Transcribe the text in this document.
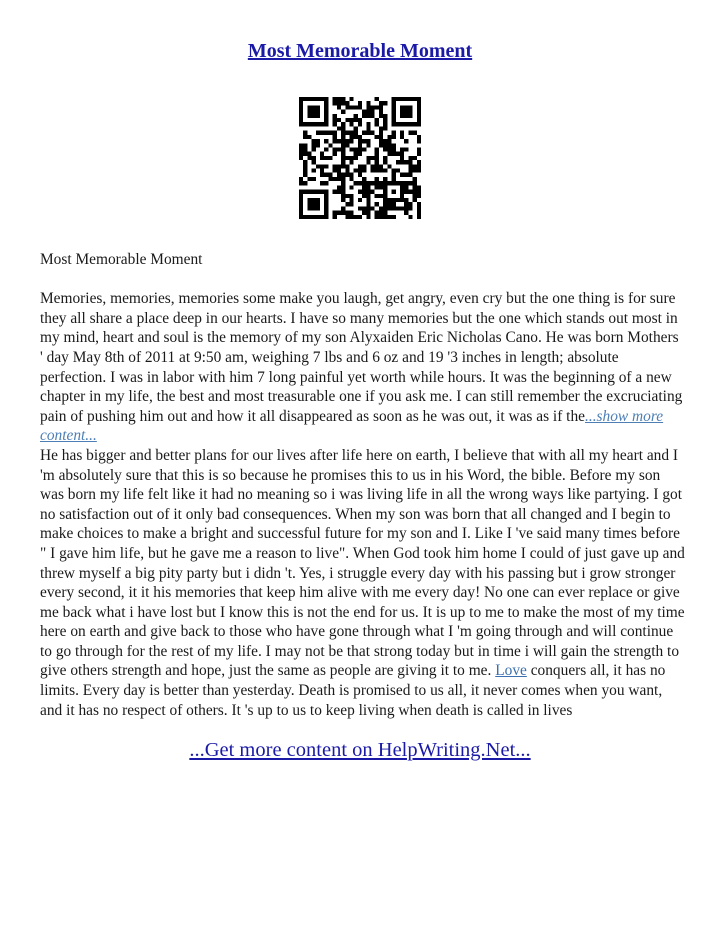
Most Memorable Moment

Most Memorable Moment

Memories, memories, memories some make you laugh, get angry, even cry but the one thing is for sure they all share a place deep in our hearts. I have so many memories but the one which stands out most in my mind, heart and soul is the memory of my son Alyxaiden Eric Nicholas Cano. He was born Mothers ' day May 8th of 2011 at 9:50 am, weighing 7 lbs and 6 oz and 19 '3 inches in length; absolute perfection. I was in labor with him 7 long painful yet worth while hours. It was the beginning of a new chapter in my life, the best and most treasurable one if you ask me. I can still remember the excruciating pain of pushing him out and how it all disappeared as soon as he was out, it was as if the...show more content...

He has bigger and better plans for our lives after life here on earth, I believe that with all my heart and I 'm absolutely sure that this is so because he promises this to us in his Word, the bible. Before my son was born my life felt like it had no meaning so i was living life in all the wrong ways like partying. I got no satisfaction out of it only bad consequences. When my son was born that all changed and I begin to make choices to make a bright and successful future for my son and I. Like I 've said many times before " I gave him life, but he gave me a reason to live". When God took him home I could of just gave up and threw myself a big pity party but i didn 't. Yes, i struggle every day with his passing but i grow stronger every second, it it his memories that keep him alive with me every day! No one can ever replace or give me back what i have lost but I know this is not the end for us. It is up to me to make the most of my time here on earth and give back to those who have gone through what I 'm going through and will continue to go through for the rest of my life. I may not be that strong today but in time i will gain the strength to give others strength and hope, just the same as people are giving it to me. Love conquers all, it has no limits. Every day is better than yesterday. Death is promised to us all, it never comes when you want, and it has no respect of others. It 's up to us to keep living when death is called in lives

...Get more content on HelpWriting.Net...
